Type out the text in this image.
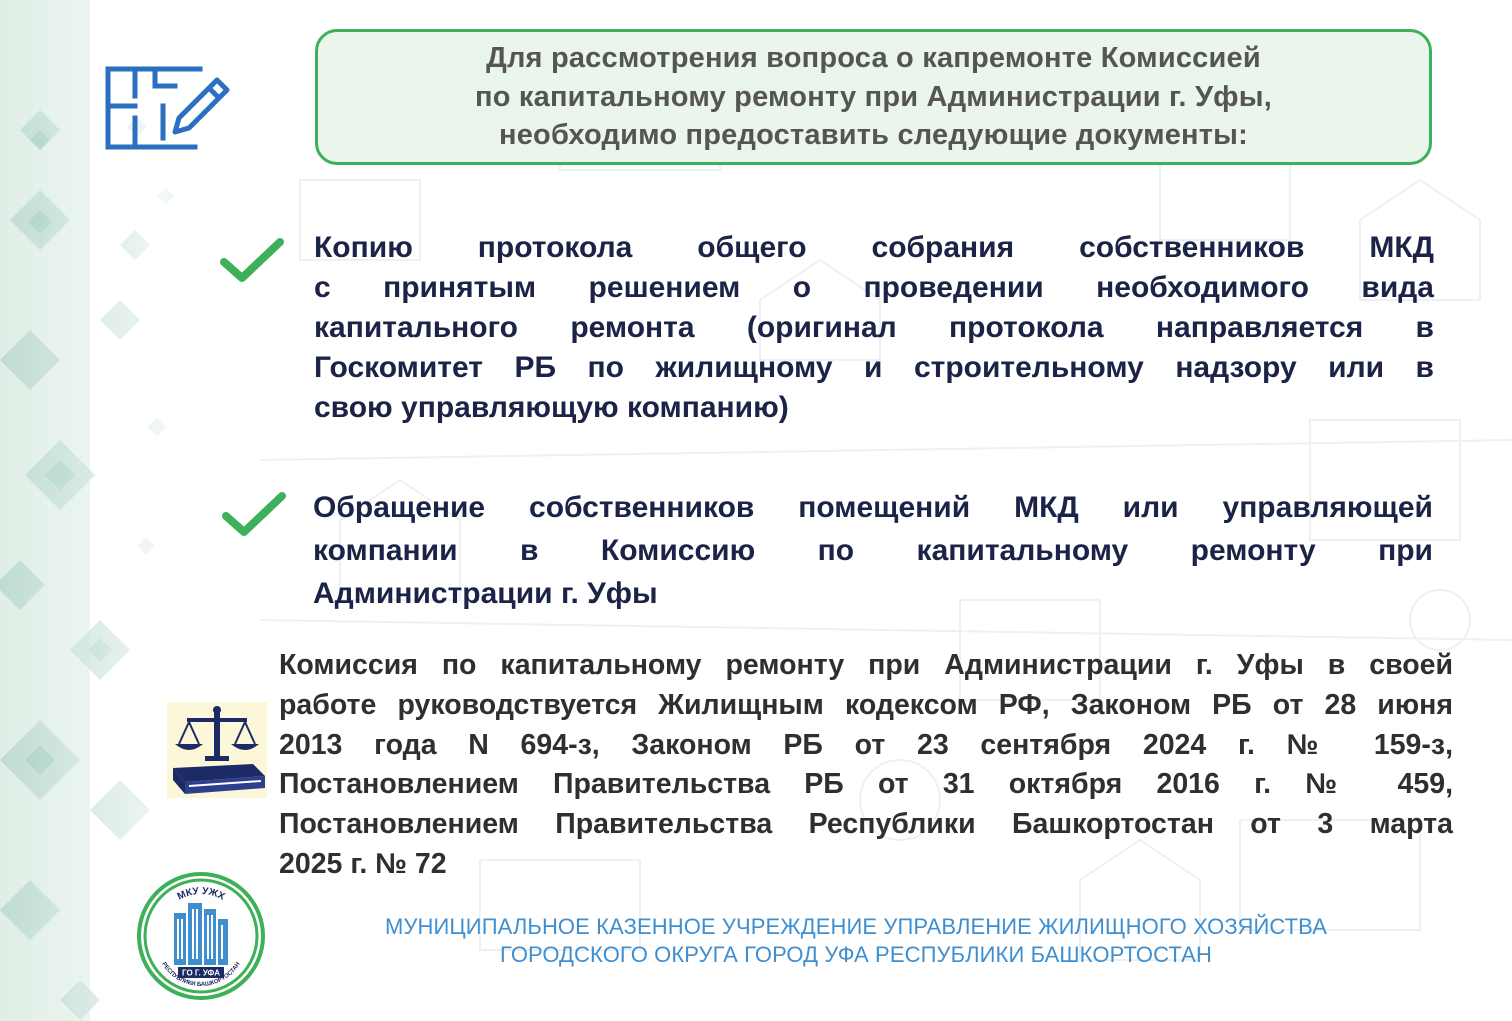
Для рассмотрения вопроса о капремонте Комиссией
по капитальному ремонту при Администрации г. Уфы,
необходимо предоставить следующие документы:
Копию протокола общего собрания собственников МКД
с принятым решением о проведении необходимого вида
капитального ремонта (оригинал протокола направляется в
Госкомитет РБ по жилищному и строительному надзору или в
свою управляющую компанию)
Обращение собственников помещений МКД или управляющей
компании в Комиссию по капитальному ремонту при
Администрации г. Уфы
Комиссия по капитальному ремонту при Администрации г. Уфы в своей
работе руководствуется Жилищным кодексом РФ, Законом РБ от 28 июня
2013 года N 694-з, Законом РБ от 23 сентября 2024 г. № 159-з,
Постановлением Правительства РБ от 31 октября 2016 г. № 459,
Постановлением Правительства Республики Башкортостан от 3 марта
2025 г. № 72
МКУ УЖХ
ГО Г. УФА
РЕСПУБЛИКИ БАШКОРТОСТАН
МУНИЦИПАЛЬНОЕ КАЗЕННОЕ УЧРЕЖДЕНИЕ УПРАВЛЕНИЕ ЖИЛИЩНОГО ХОЗЯЙСТВА
ГОРОДСКОГО ОКРУГА ГОРОД УФА РЕСПУБЛИКИ БАШКОРТОСТАН
